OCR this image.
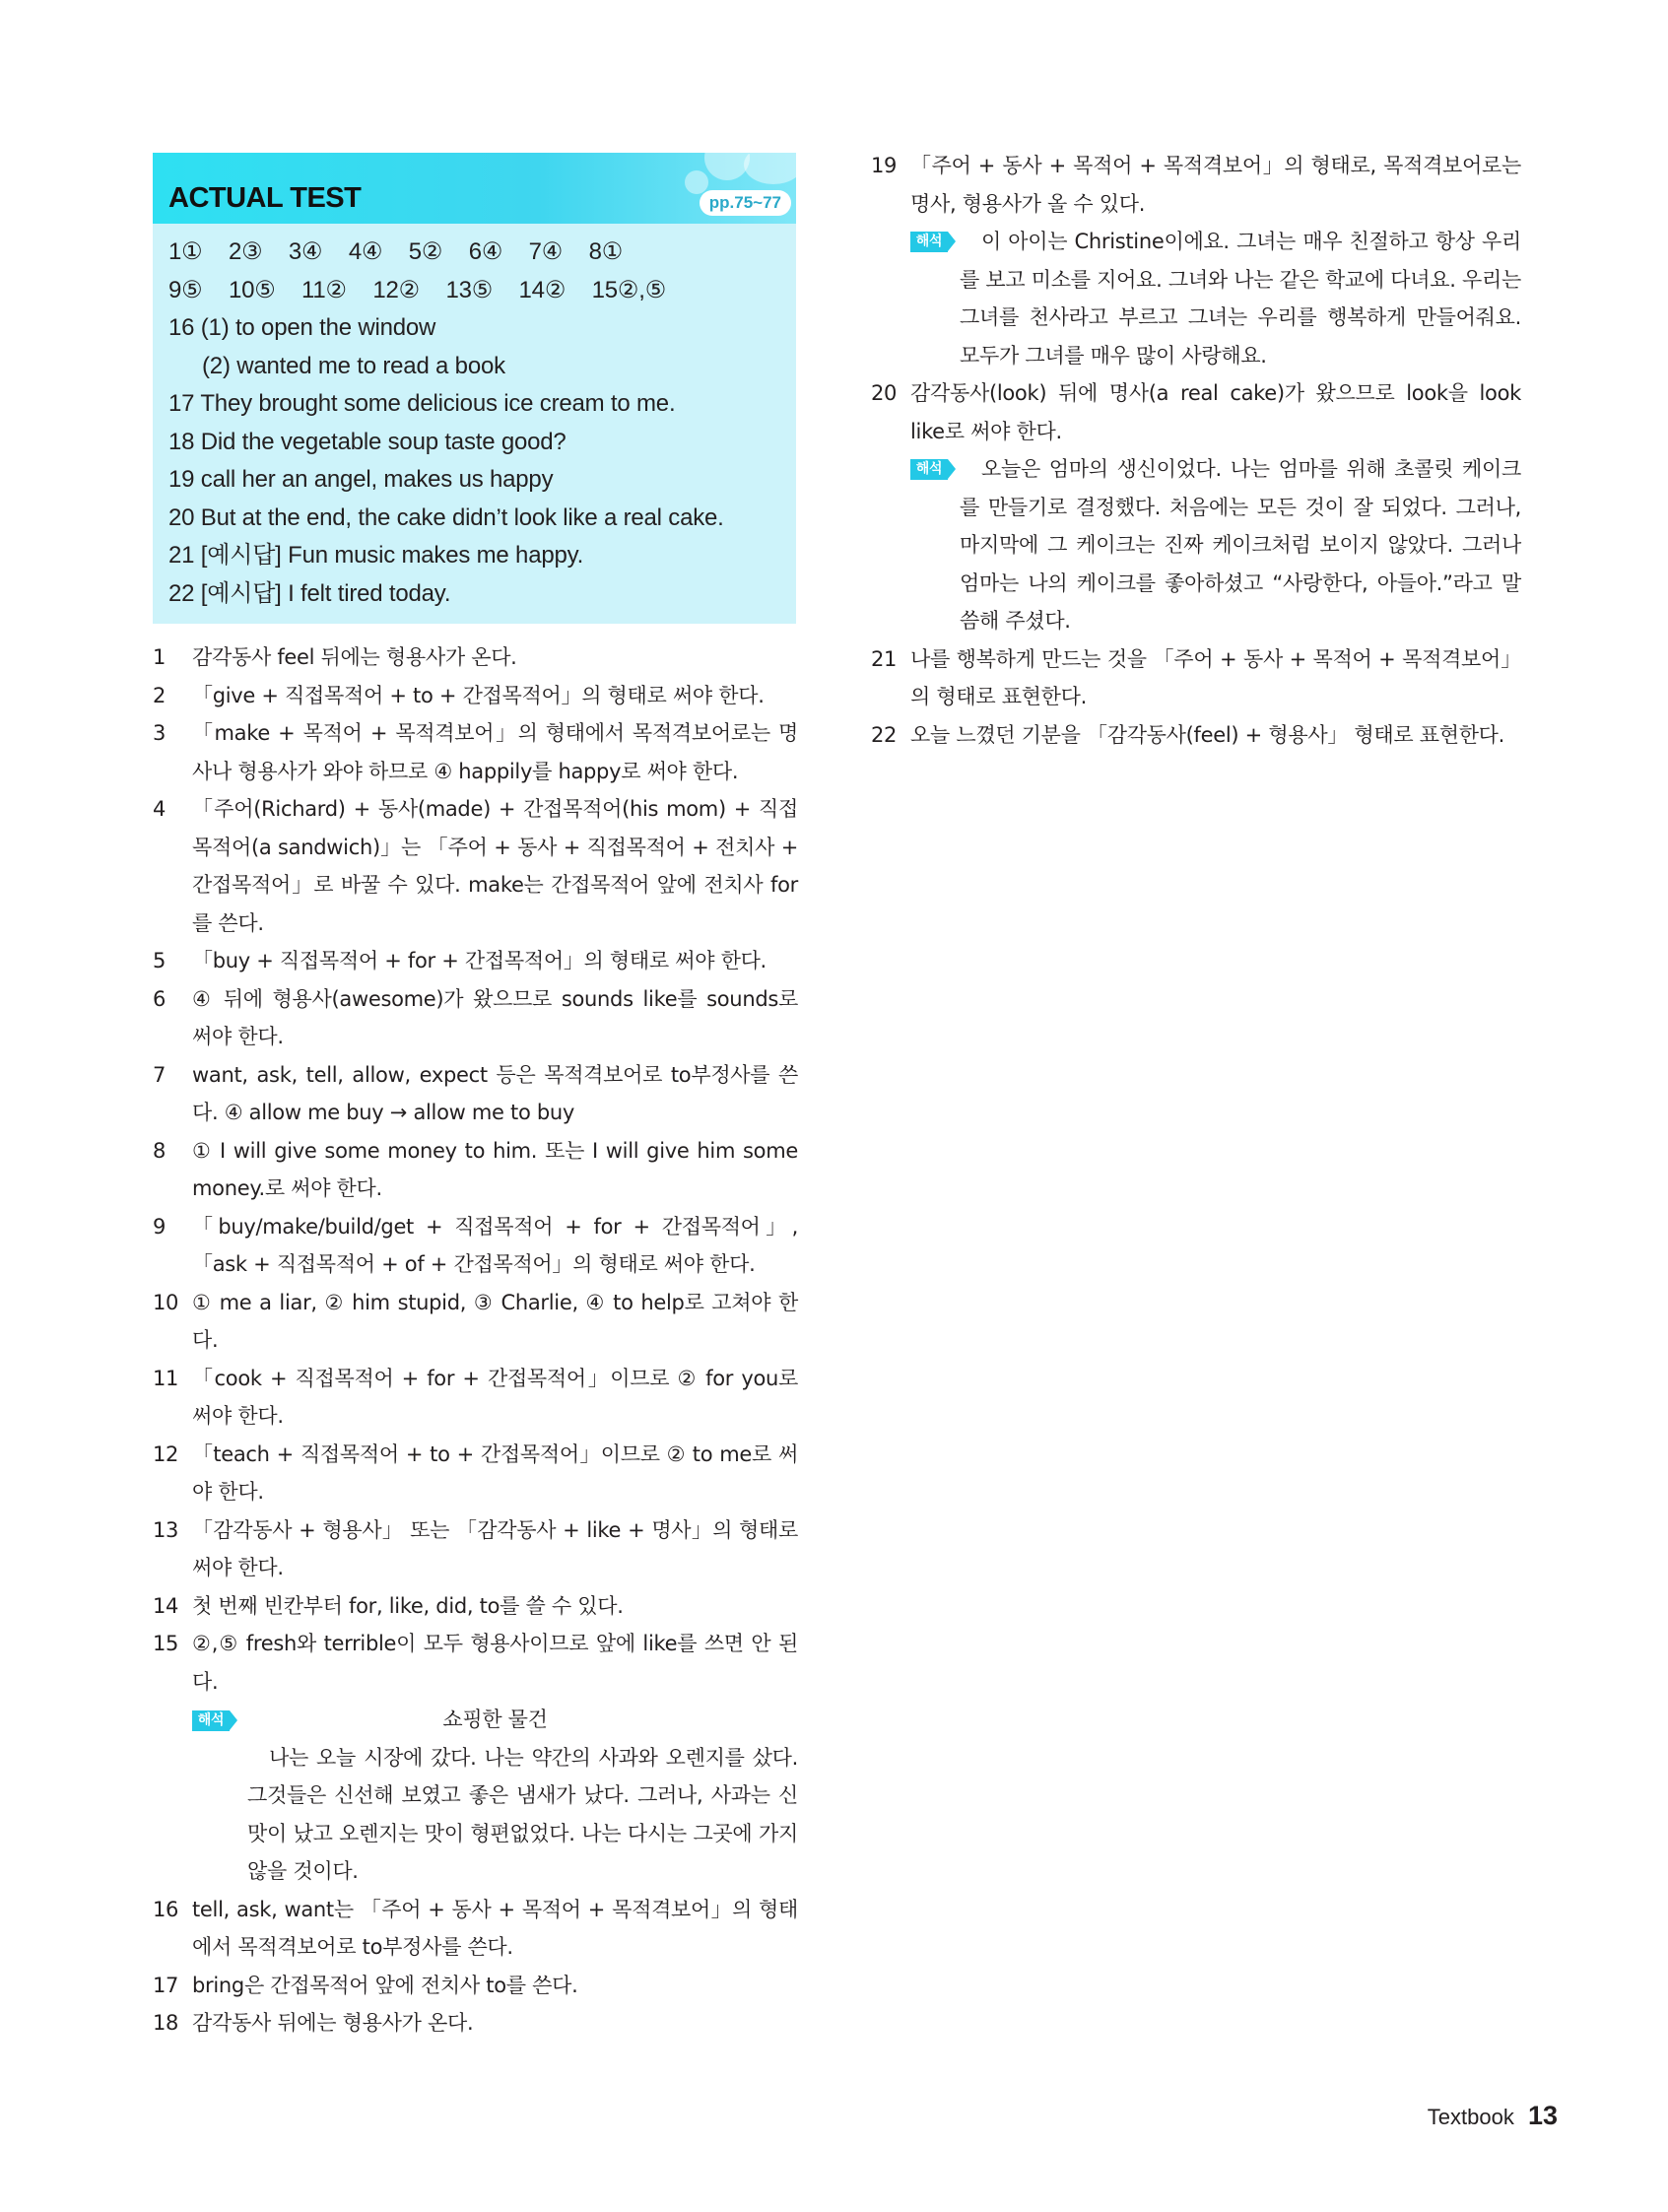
ACTUAL TEST	pp.75~77
1① 2③ 3④ 4④ 5② 6④ 7④ 8①
9⑤ 10⑤ 11② 12② 13⑤ 14② 15②,⑤
16 (1) to open the window
(2) wanted me to read a book
17 They brought some delicious ice cream to me.
18 Did the vegetable soup taste good?
19 call her an angel, makes us happy
20 But at the end, the cake didn’t look like a real cake.
21 [예시답] Fun music makes me happy.
22 [예시답] I felt tired today.
1 감각동사 feel 뒤에는 형용사가 온다.
2 「give + 직접목적어 + to + 간접목적어」의 형태로 써야 한다.
3 「make + 목적어 + 목적격보어」의 형태에서 목적격보어로는 명사나 형용사가 와야 하므로 ④ happily를 happy로 써야 한다.
4 「주어(Richard) + 동사(made) + 간접목적어(his mom) + 직접목적어(a sandwich)」는 「주어 + 동사 + 직접목적어 + 전치사 + 간접목적어」로 바꿀 수 있다. make는 간접목적어 앞에 전치사 for를 쓴다.
5 「buy + 직접목적어 + for + 간접목적어」의 형태로 써야 한다.
6 ④ 뒤에 형용사(awesome)가 왔으므로 sounds like를 sounds로 써야 한다.
7 want, ask, tell, allow, expect 등은 목적격보어로 to부정사를 쓴다. ④ allow me buy → allow me to buy
8 ① I will give some money to him. 또는 I will give him some money.로 써야 한다.
9 「buy/make/build/get + 직접목적어 + for + 간접목적어」, 「ask + 직접목적어 + of + 간접목적어」의 형태로 써야 한다.
10 ① me a liar, ② him stupid, ③ Charlie, ④ to help로 고쳐야 한다.
11 「cook + 직접목적어 + for + 간접목적어」이므로 ② for you로 써야 한다.
12 「teach + 직접목적어 + to + 간접목적어」이므로 ② to me로 써야 한다.
13 「감각동사 + 형용사」 또는 「감각동사 + like + 명사」의 형태로 써야 한다.
14 첫 번째 빈칸부터 for, like, did, to를 쓸 수 있다.
15 ②,⑤ fresh와 terrible이 모두 형용사이므로 앞에 like를 쓰면 안 된다.
해석	쇼핑한 물건
나는 오늘 시장에 갔다. 나는 약간의 사과와 오렌지를 샀다. 그것들은 신선해 보였고 좋은 냄새가 났다. 그러나, 사과는 신 맛이 났고 오렌지는 맛이 형편없었다. 나는 다시는 그곳에 가지 않을 것이다.
16 tell, ask, want는 「주어 + 동사 + 목적어 + 목적격보어」의 형태에서 목적격보어로 to부정사를 쓴다.
17 bring은 간접목적어 앞에 전치사 to를 쓴다.
18 감각동사 뒤에는 형용사가 온다.
19 「주어 + 동사 + 목적어 + 목적격보어」의 형태로, 목적격보어로는 명사, 형용사가 올 수 있다.
해석	이 아이는 Christine이에요. 그녀는 매우 친절하고 항상 우리를 보고 미소를 지어요. 그녀와 나는 같은 학교에 다녀요. 우리는 그녀를 천사라고 부르고 그녀는 우리를 행복하게 만들어줘요. 모두가 그녀를 매우 많이 사랑해요.
20 감각동사(look) 뒤에 명사(a real cake)가 왔으므로 look을 look like로 써야 한다.
해석	오늘은 엄마의 생신이었다. 나는 엄마를 위해 초콜릿 케이크를 만들기로 결정했다. 처음에는 모든 것이 잘 되었다. 그러나, 마지막에 그 케이크는 진짜 케이크처럼 보이지 않았다. 그러나 엄마는 나의 케이크를 좋아하셨고 “사랑한다, 아들아.”라고 말씀해 주셨다.
21 나를 행복하게 만드는 것을 「주어 + 동사 + 목적어 + 목적격보어」의 형태로 표현한다.
22 오늘 느꼈던 기분을 「감각동사(feel) + 형용사」 형태로 표현한다.
Textbook 13
